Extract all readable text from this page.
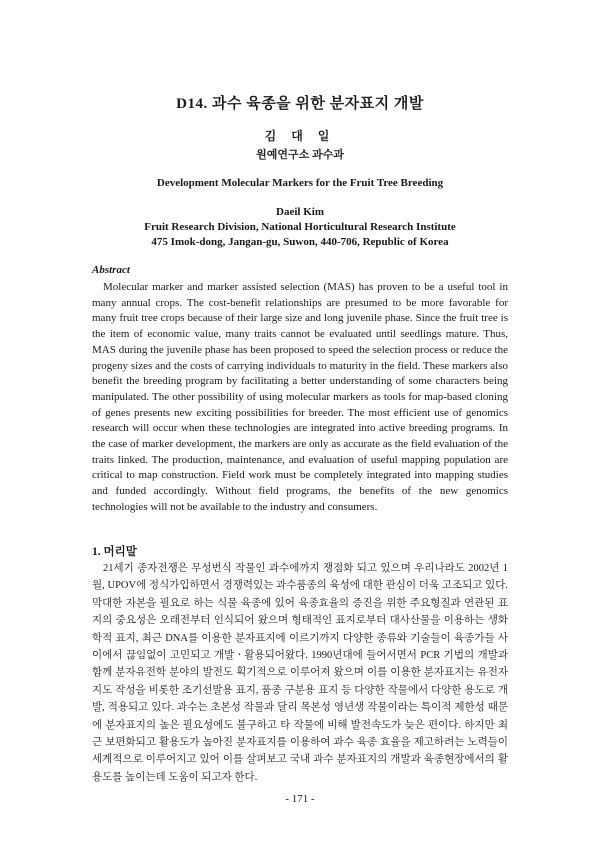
D14. 과수 육종을 위한 분자표지 개발
김 대 일
원예연구소 과수과
Development Molecular Markers for the Fruit Tree Breeding
Daeil Kim
Fruit Research Division, National Horticultural Research Institute
475 Imok-dong, Jangan-gu, Suwon, 440-706, Republic of Korea
Abstract

Molecular marker and marker assisted selection (MAS) has proven to be a useful tool in many annual crops. The cost-benefit relationships are presumed to be more favorable for many fruit tree crops because of their large size and long juvenile phase. Since the fruit tree is the item of economic value, many traits cannot be evaluated until seedlings mature. Thus, MAS during the juvenile phase has been proposed to speed the selection process or reduce the progeny sizes and the costs of carrying individuals to maturity in the field. These markers also benefit the breeding program by facilitating a better understanding of some characters being manipulated. The other possibility of using molecular markers as tools for map-based cloning of genes presents new exciting possibilities for breeder. The most efficient use of genomics research will occur when these technologies are integrated into active breeding programs. In the case of marker development, the markers are only as accurate as the field evaluation of the traits linked. The production, maintenance, and evaluation of useful mapping population are critical to map construction. Field work must be completely integrated into mapping studies and funded accordingly. Without field programs, the benefits of the new genomics technologies will not be available to the industry and consumers.

1. 머리말

21세기 종자전쟁은 무성번식 작물인 과수에까지 쟁점화 되고 있으며 우리나라도 2002년 1월, UPOV에 정식가입하면서 경쟁력있는 과수품종의 육성에 대한 관심이 더욱 고조되고 있다. 막대한 자본을 필요로 하는 식물 육종에 있어 육종효율의 증진을 위한 주요형질과 연관된 표지의 중요성은 오래전부터 인식되어 왔으며 형태적인 표지로부터 대사산물을 이용하는 생화학적 표지, 최근 DNA를 이용한 분자표지에 이르기까지 다양한 종류와 기술들이 육종가들 사이에서 끊임없이 고민되고 개발ㆍ활용되어왔다. 1990년대에 들어서면서 PCR 기법의 개발과 함께 분자유전학 분야의 발전도 획기적으로 이루어져 왔으며 이를 이용한 분자표지는 유전자지도 작성을 비롯한 조기선발용 표지, 품종 구분용 표지 등 다양한 작물에서 다양한 용도로 개발, 적용되고 있다. 과수는 초본성 작물과 달리 목본성 영년생 작물이라는 특이적 제한성 때문에 분자표지의 높은 필요성에도 불구하고 타 작물에 비해 발전속도가 늦은 편이다. 하지만 최근 보편화되고 활용도가 높아진 분자표지를 이용하여 과수 육종 효율을 제고하려는 노력들이 세계적으로 이루어지고 있어 이를 살펴보고 국내 과수 분자표지의 개발과 육종현장에서의 활용도를 높이는데 도움이 되고자 한다.

- 171 -
